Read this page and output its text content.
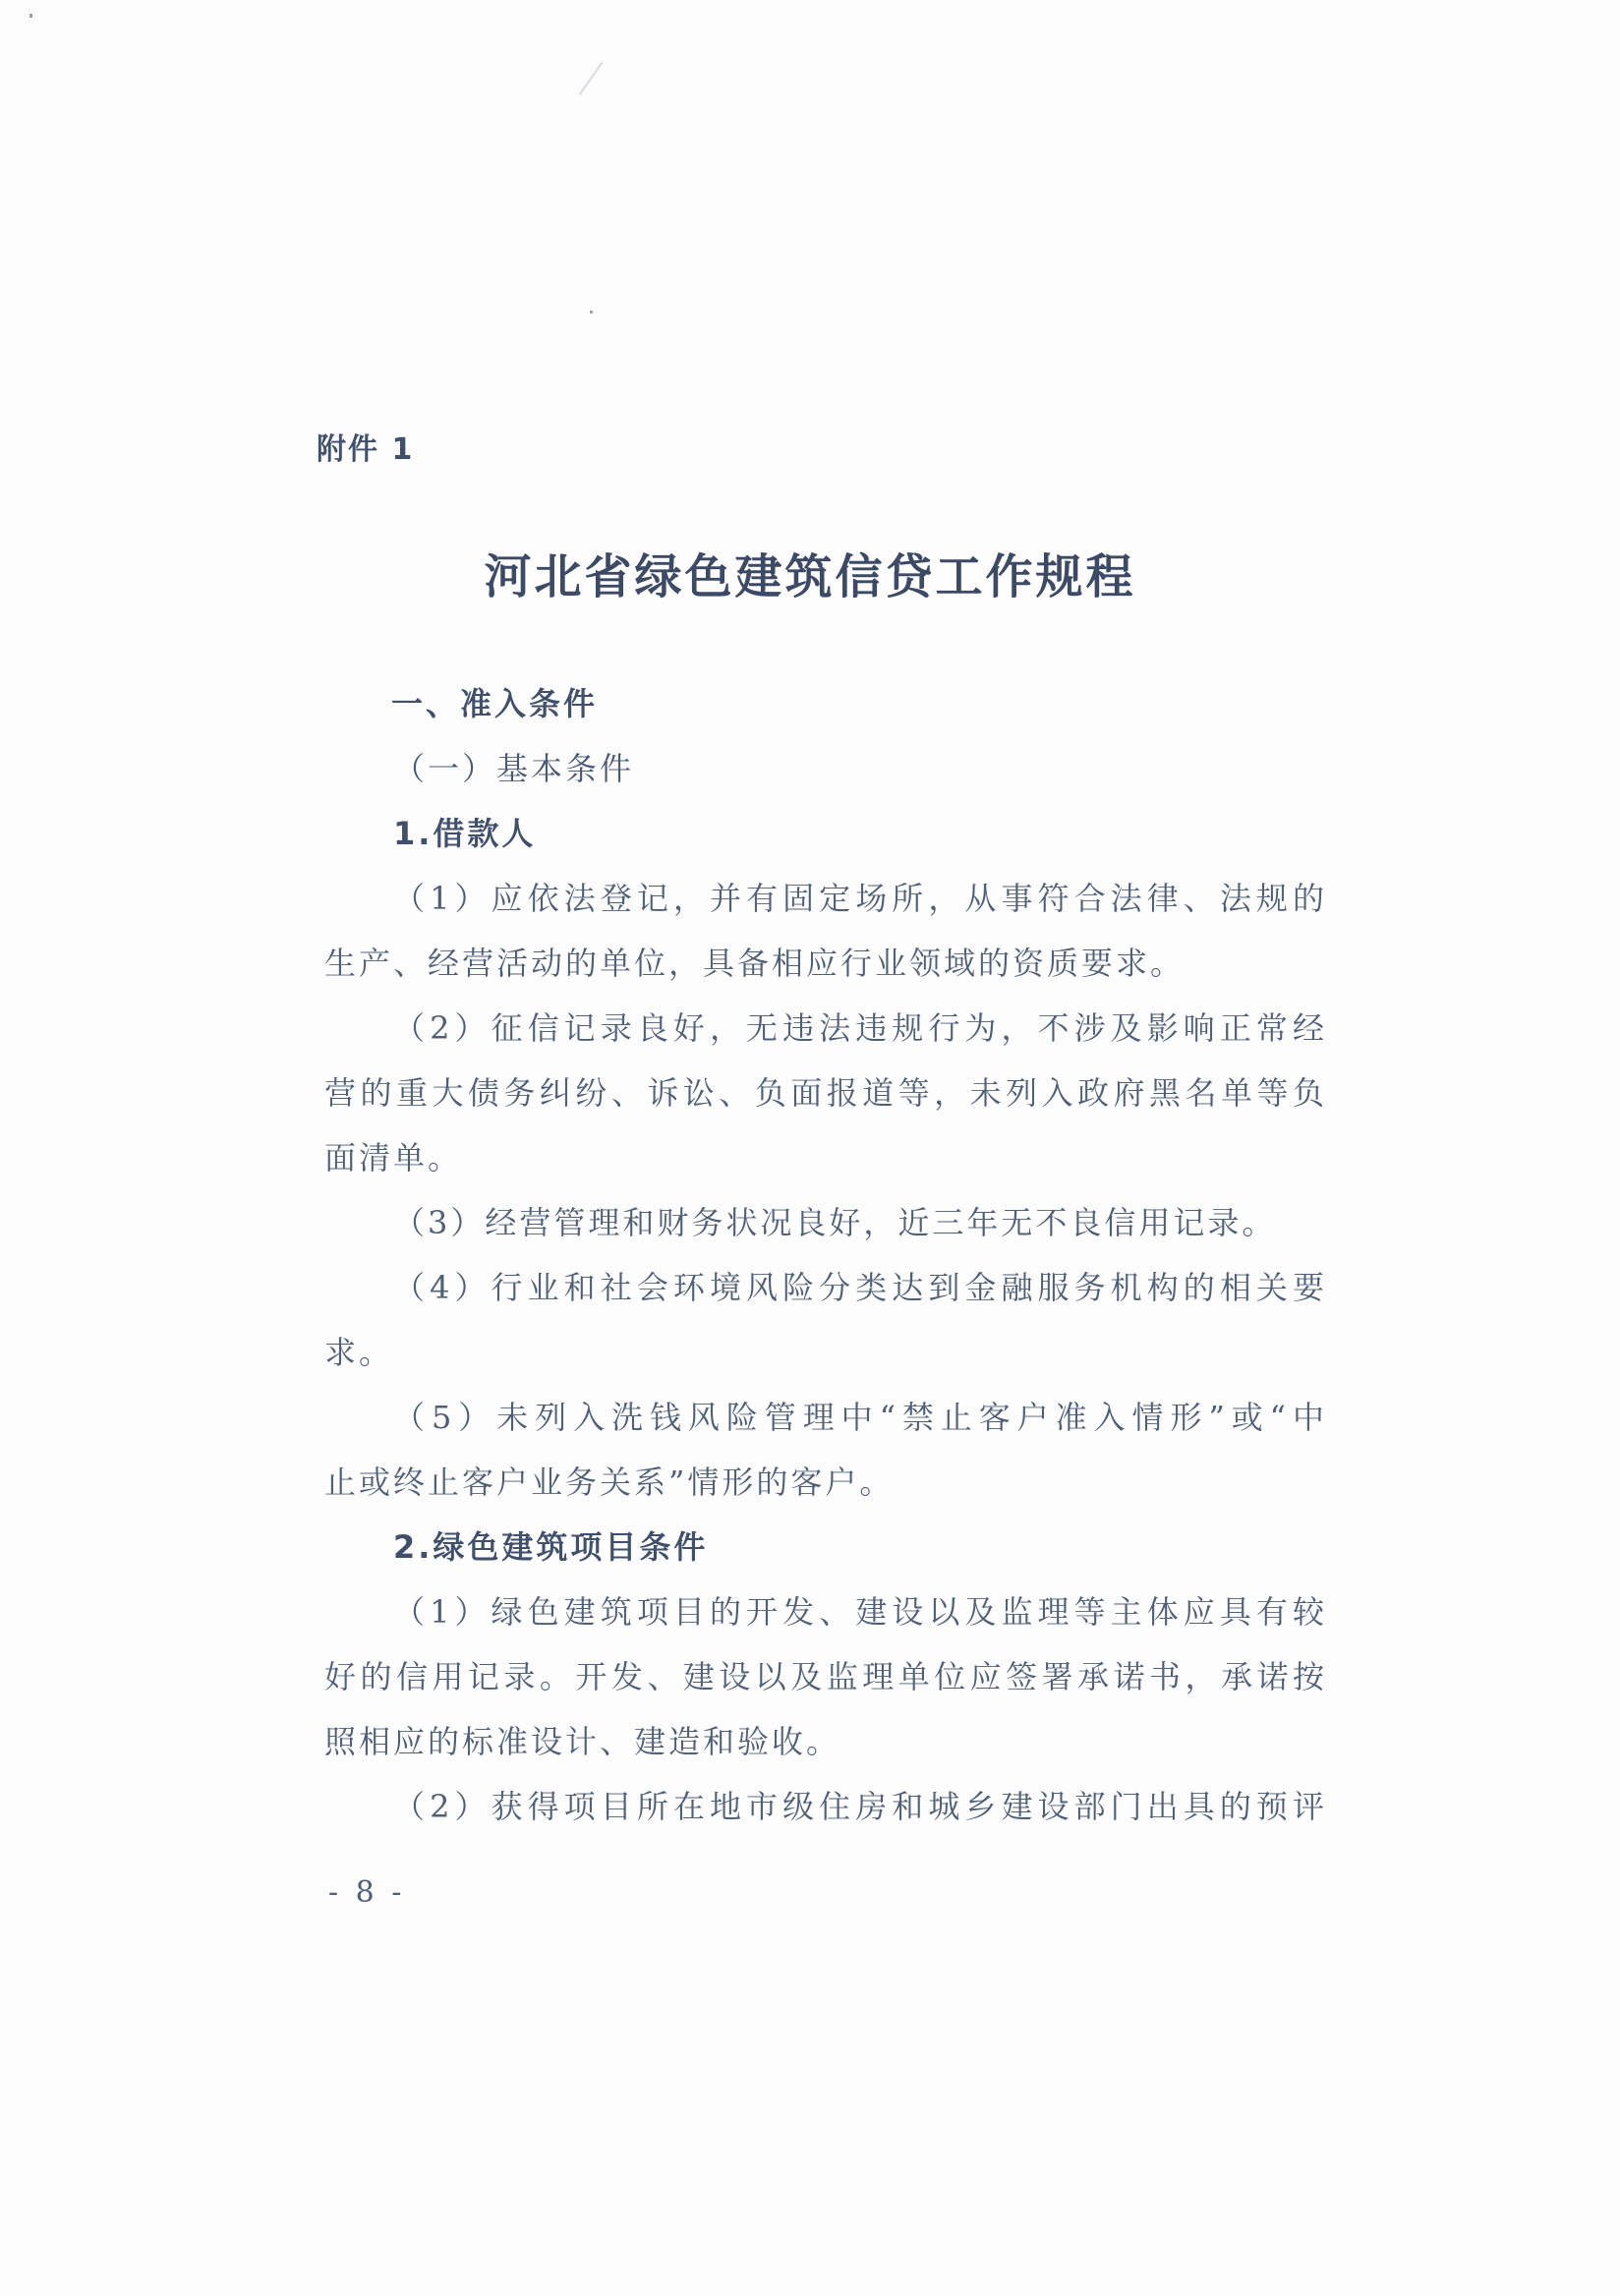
附件 1
河北省绿色建筑信贷工作规程
一、准入条件
（一）基本条件
1.借款人
（1）应依法登记，并有固定场所，从事符合法律、法规的
生产、经营活动的单位，具备相应行业领域的资质要求。
（2）征信记录良好，无违法违规行为，不涉及影响正常经
营的重大债务纠纷、诉讼、负面报道等，未列入政府黑名单等负
面清单。
（3）经营管理和财务状况良好，近三年无不良信用记录。
（4）行业和社会环境风险分类达到金融服务机构的相关要
求。
（5）未列入洗钱风险管理中“禁止客户准入情形”或“中
止或终止客户业务关系”情形的客户。
2.绿色建筑项目条件
（1）绿色建筑项目的开发、建设以及监理等主体应具有较
好的信用记录。开发、建设以及监理单位应签署承诺书，承诺按
照相应的标准设计、建造和验收。
（2）获得项目所在地市级住房和城乡建设部门出具的预评
- 8 -
